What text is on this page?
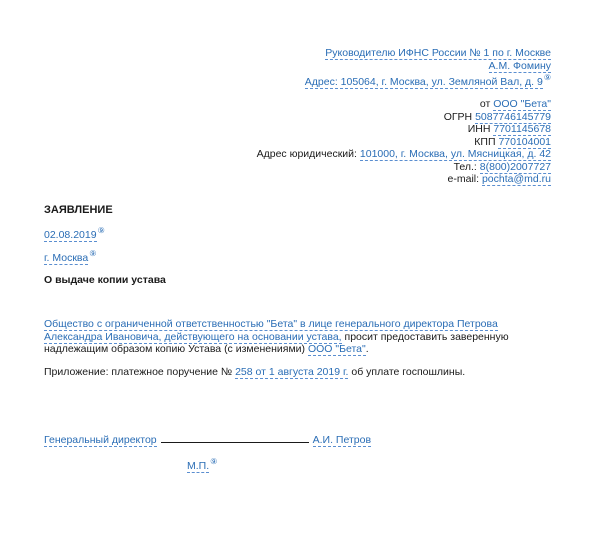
Руководителю ИФНС России № 1 по г. Москве
А.М. Фомину
Адрес: 105064, г. Москва, ул. Земляной Вал, д. 9⑨
от ООО "Бета"
ОГРН 5087746145779
ИНН 7701145678
КПП 770104001
Адрес юридический: 101000, г. Москва, ул. Мясницкая, д. 42
Тел.: 8(800)2007727
e-mail: pochta@md.ru
ЗАЯВЛЕНИЕ
02.08.2019⑨
г. Москва⑨
О выдаче копии устава
Общество с ограниченной ответственностью "Бета" в лице генерального директора Петрова Александра Ивановича, действующего на основании устава, просит предоставить заверенную надлежащим образом копию Устава (с изменениями) ООО "Бета".
Приложение: платежное поручение № 258 от 1 августа 2019 г. об уплате госпошлины.
Генеральный директор	А.И. Петров
М.П.⑨
